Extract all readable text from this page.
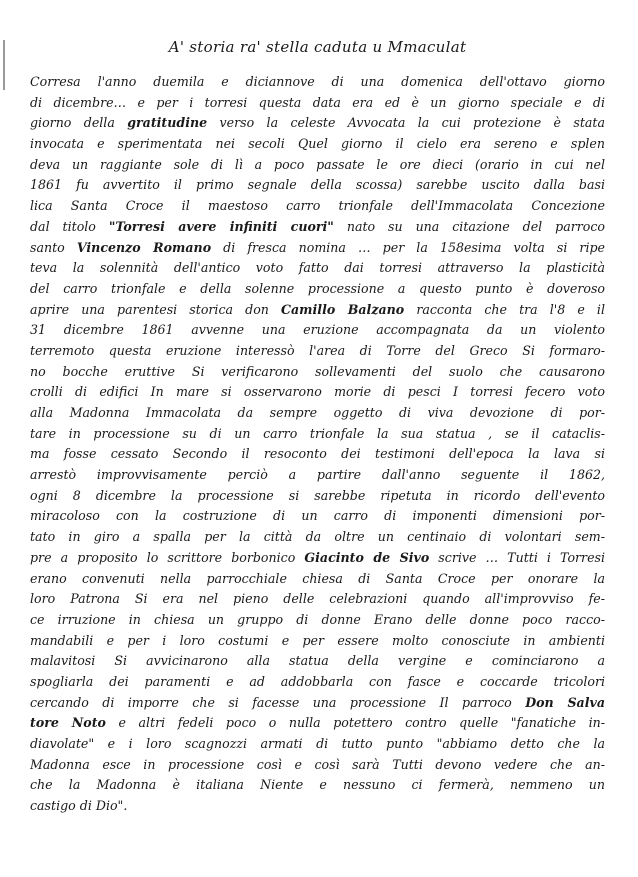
A' storia ra' stella caduta u Mmaculat
Corresa l'anno duemila e diciannove di una domenica dell'ottavo giorno
di dicembre… e per i torresi questa data era ed è un giorno speciale e di
giorno della gratitudine verso la celeste Avvocata la cui protezione è stata
invocata e sperimentata nei secoli Quel giorno il cielo era sereno e splen
deva un raggiante sole di lì a poco passate le ore dieci (orario in cui nel
1861 fu avvertito il primo segnale della scossa) sarebbe uscito dalla basi
lica Santa Croce il maestoso carro trionfale dell'Immacolata Concezione
dal titolo "Torresi avere infiniti cuori" nato su una citazione del parroco
santo Vincenzo Romano di fresca nomina … per la 158esima volta si ripe
teva la solennità dell'antico voto fatto dai torresi attraverso la plasticità
del carro trionfale e della solenne processione a questo punto è doveroso
aprire una parentesi storica don Camillo Balzano racconta che tra l'8 e il
31 dicembre 1861 avvenne una eruzione accompagnata da un violento
terremoto questa eruzione interessò l'area di Torre del Greco Si formaro-
no bocche eruttive Si verificarono sollevamenti del suolo che causarono
crolli di edifici In mare si osservarono morie di pesci I torresi fecero voto
alla Madonna Immacolata da sempre oggetto di viva devozione di por-
tare in processione su di un carro trionfale la sua statua , se il cataclis-
ma fosse cessato Secondo il resoconto dei testimoni dell'epoca la lava si
arrestò improvvisamente perciò a partire dall'anno seguente il 1862,
ogni 8 dicembre la processione si sarebbe ripetuta in ricordo dell'evento
miracoloso con la costruzione di un carro di imponenti dimensioni por-
tato in giro a spalla per la città da oltre un centinaio di volontari sem-
pre a proposito lo scrittore borbonico Giacinto de Sivo scrive … Tutti i Torresi
erano convenuti nella parrocchiale chiesa di Santa Croce per onorare la
loro Patrona Si era nel pieno delle celebrazioni quando all'improvviso fe-
ce irruzione in chiesa un gruppo di donne Erano delle donne poco racco-
mandabili e per i loro costumi e per essere molto conosciute in ambienti
malavitosi Si avvicinarono alla statua della vergine e cominciarono a
spogliarla dei paramenti e ad addobbarla con fasce e coccarde tricolori
cercando di imporre che si facesse una processione Il parroco Don Salva
tore Noto e altri fedeli poco o nulla potettero contro quelle "fanatiche in-
diavolate" e i loro scagnozzi armati di tutto punto "abbiamo detto che la
Madonna esce in processione così e così sarà Tutti devono vedere che an-
che la Madonna è italiana Niente e nessuno ci fermerà, nemmeno un
castigo di Dio".
